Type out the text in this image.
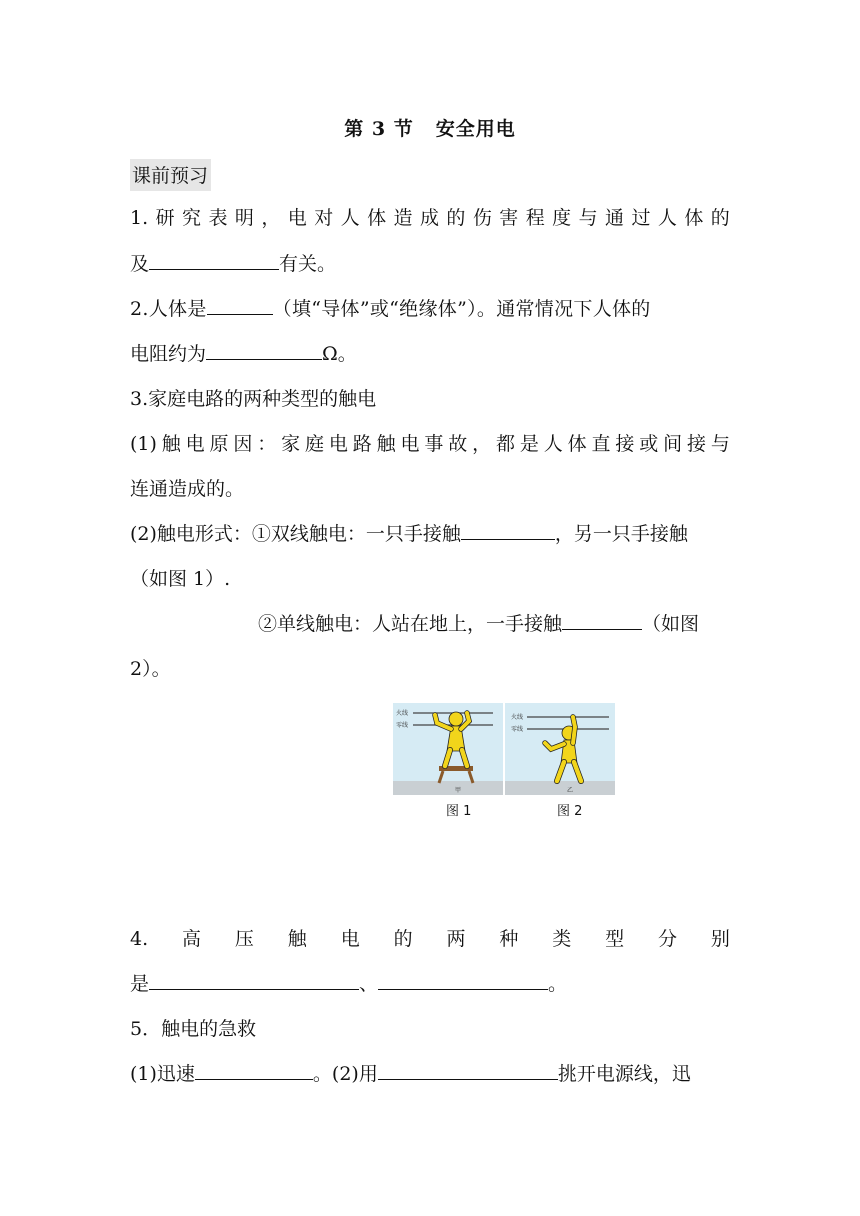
第 3 节 安全用电
课前预习
1. 研 究 表 明 ， 电 对 人 体 造 成 的 伤 害 程 度 与 通 过 人 体 的
及	有关。
2.人体是	（填“导体”或“绝缘体”）。通常情况下人体的
电阻约为	Ω。
3.家庭电路的两种类型的触电
(1) 触 电 原 因 ： 家 庭 电 路 触 电 事 故 ， 都 是 人 体 直 接 或 间 接 与
连通造成的。
(2)触电形式：①双线触电：一只手接触	，另一只手接触
（如图 1）.
②单线触电：人站在地上，一手接触	（如图
2）。
火线
零线
甲
火线
零线
乙
图 1	图 2
4. 高 压 触 电 的 两 种 类 型 分 别
是	、	。
5．触电的急救
(1)迅速	。(2)用	挑开电源线，迅
